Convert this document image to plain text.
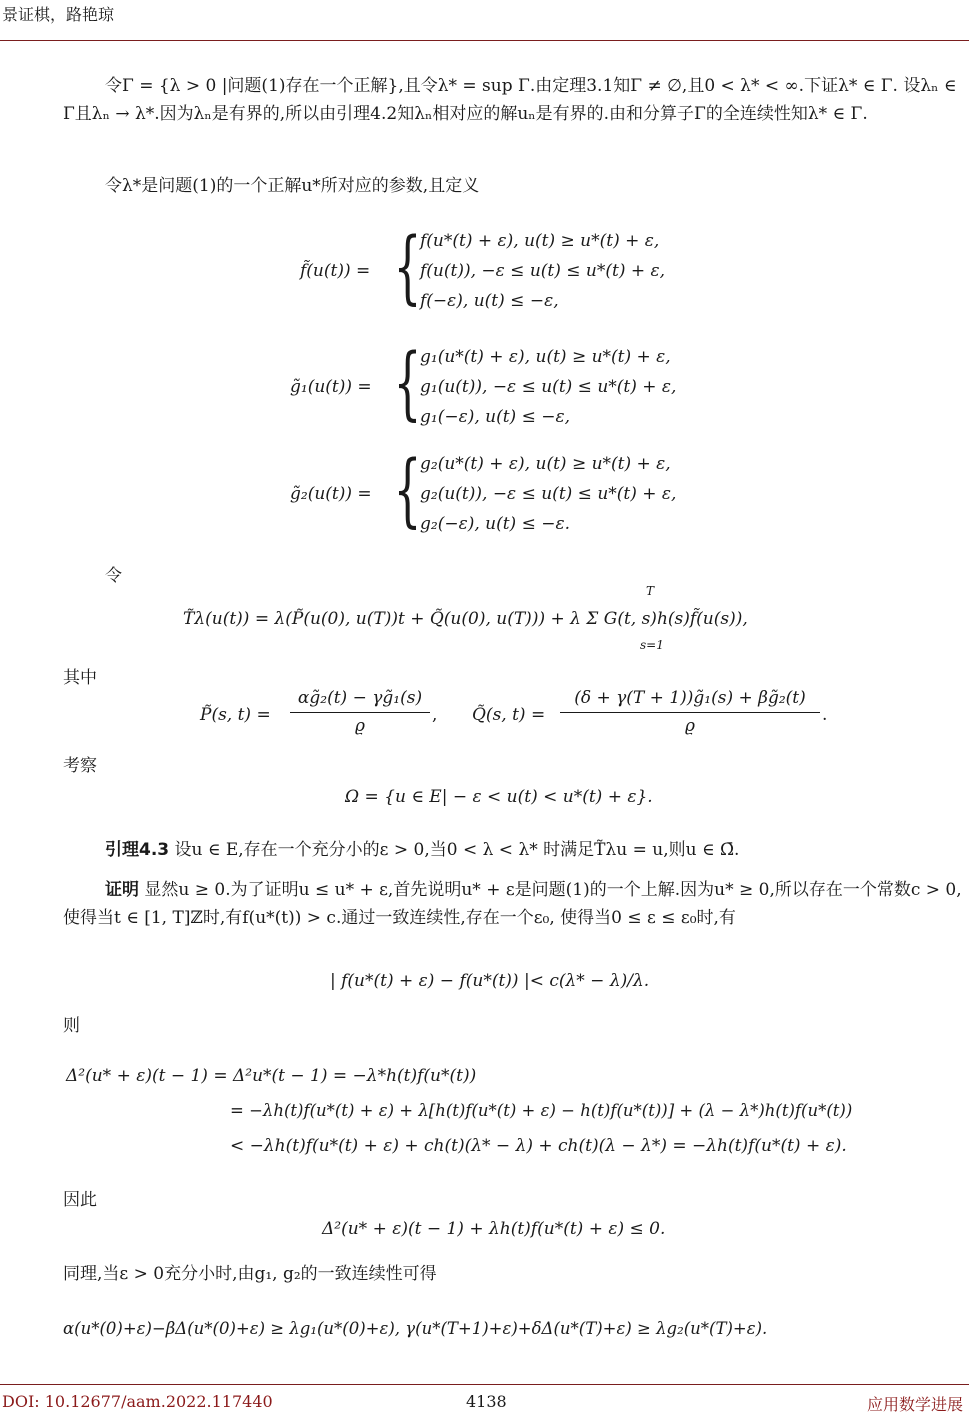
景证棋，路艳琼
令Γ = {λ > 0 |问题(1)存在一个正解},且令λ* = sup Γ.由定理3.1知Γ ≠ ∅,且0 < λ* < ∞.下证λ* ∈ Γ. 设λₙ ∈ Γ且λₙ → λ*.因为λₙ是有界的,所以由引理4.2知λₙ相对应的解uₙ是有界的.由和分算子Γ的全连续性知λ* ∈ Γ.
令λ*是问题(1)的一个正解u*所对应的参数,且定义
f̃(u(t)) = {
f(u*(t) + ε), u(t) ≥ u*(t) + ε,
f(u(t)), −ε ≤ u(t) ≤ u*(t) + ε,
f(−ε), u(t) ≤ −ε,
g̃₁(u(t)) = {
g₁(u*(t) + ε), u(t) ≥ u*(t) + ε,
g₁(u(t)), −ε ≤ u(t) ≤ u*(t) + ε,
g₁(−ε), u(t) ≤ −ε,
g̃₂(u(t)) = {
g₂(u*(t) + ε), u(t) ≥ u*(t) + ε,
g₂(u(t)), −ε ≤ u(t) ≤ u*(t) + ε,
g₂(−ε), u(t) ≤ −ε.
令
T̃λ(u(t)) = λ(P̃(u(0), u(T))t + Q̃(u(0), u(T))) + λ Σ G(t, s)h(s)f̃(u(s)),
T
s=1
其中
P̃(s, t) =
αg̃₂(t) − γg̃₁(s)
ϱ
, Q̃(s, t) =
(δ + γ(T + 1))g̃₁(s) + βg̃₂(t)
ϱ
.
考察
Ω = {u ∈ E| − ε < u(t) < u*(t) + ε}.
引理4.3 设u ∈ E,存在一个充分小的ε > 0,当0 < λ < λ* 时满足T̃λu = u,则u ∈ Ω̄.
证明 显然u ≥ 0.为了证明u ≤ u* + ε,首先说明u* + ε是问题(1)的一个上解.因为u* ≥ 0,所以存在一个常数c > 0,使得当t ∈ [1, T]ℤ时,有f(u*(t)) > c.通过一致连续性,存在一个ε₀, 使得当0 ≤ ε ≤ ε₀时,有
| f(u*(t) + ε) − f(u*(t)) |< c(λ* − λ)/λ.
则
Δ²(u* + ε)(t − 1) = Δ²u*(t − 1) = −λ*h(t)f(u*(t))
= −λh(t)f(u*(t) + ε) + λ[h(t)f(u*(t) + ε) − h(t)f(u*(t))] + (λ − λ*)h(t)f(u*(t))
< −λh(t)f(u*(t) + ε) + ch(t)(λ* − λ) + ch(t)(λ − λ*) = −λh(t)f(u*(t) + ε).
因此
Δ²(u* + ε)(t − 1) + λh(t)f(u*(t) + ε) ≤ 0.
同理,当ε > 0充分小时,由g₁, g₂的一致连续性可得
α(u*(0)+ε)−βΔ(u*(0)+ε) ≥ λg₁(u*(0)+ε), γ(u*(T+1)+ε)+δΔ(u*(T)+ε) ≥ λg₂(u*(T)+ε).
DOI: 10.12677/aam.2022.117440	4138	应用数学进展
